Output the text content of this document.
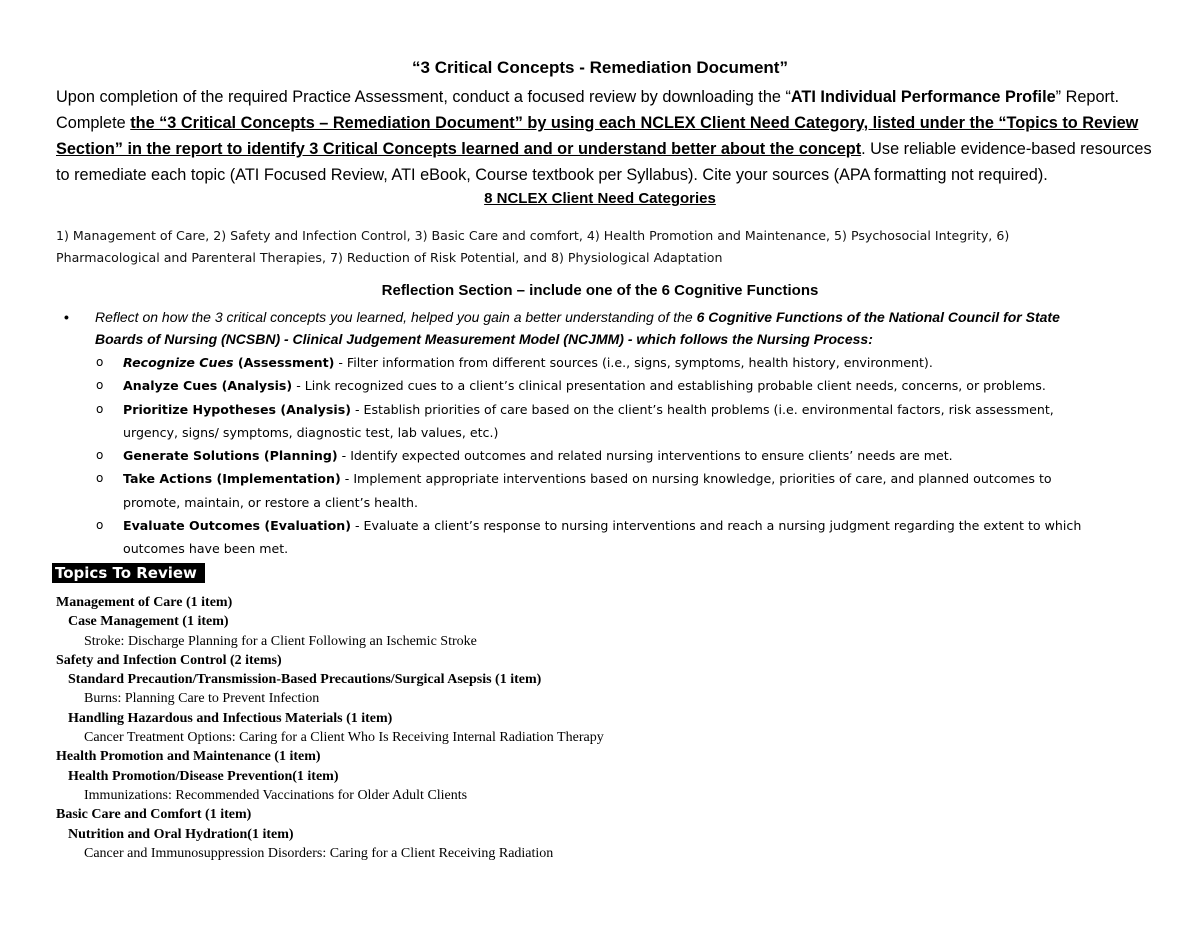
“3 Critical Concepts - Remediation Document”
Upon completion of the required Practice Assessment, conduct a focused review by downloading the “ATI Individual Performance Profile” Report.
Complete the “3 Critical Concepts – Remediation Document” by using each NCLEX Client Need Category, listed under the “Topics to Review
Section” in the report to identify 3 Critical Concepts learned and or understand better about the concept. Use reliable evidence-based resources
to remediate each topic (ATI Focused Review, ATI eBook, Course textbook per Syllabus). Cite your sources (APA formatting not required).
8 NCLEX Client Need Categories
1) Management of Care, 2) Safety and Infection Control, 3) Basic Care and comfort, 4) Health Promotion and Maintenance, 5) Psychosocial Integrity, 6)
Pharmacological and Parenteral Therapies, 7) Reduction of Risk Potential, and 8) Physiological Adaptation
Reflection Section – include one of the 6 Cognitive Functions
• Reflect on how the 3 critical concepts you learned, helped you gain a better understanding of the 6 Cognitive Functions of the National Council for State
Boards of Nursing (NCSBN) - Clinical Judgement Measurement Model (NCJMM) - which follows the Nursing Process:
o Recognize Cues (Assessment) - Filter information from different sources (i.e., signs, symptoms, health history, environment).
o Analyze Cues (Analysis) - Link recognized cues to a client’s clinical presentation and establishing probable client needs, concerns, or problems.
o Prioritize Hypotheses (Analysis) - Establish priorities of care based on the client’s health problems (i.e. environmental factors, risk assessment,
urgency, signs/ symptoms, diagnostic test, lab values, etc.)
o Generate Solutions (Planning) - Identify expected outcomes and related nursing interventions to ensure clients’ needs are met.
o Take Actions (Implementation) - Implement appropriate interventions based on nursing knowledge, priorities of care, and planned outcomes to
promote, maintain, or restore a client’s health.
o Evaluate Outcomes (Evaluation) - Evaluate a client’s response to nursing interventions and reach a nursing judgment regarding the extent to which
outcomes have been met.
Topics To Review
Management of Care (1 item)
Case Management (1 item)
Stroke: Discharge Planning for a Client Following an Ischemic Stroke
Safety and Infection Control (2 items)
Standard Precaution/Transmission-Based Precautions/Surgical Asepsis (1 item)
Burns: Planning Care to Prevent Infection
Handling Hazardous and Infectious Materials (1 item)
Cancer Treatment Options: Caring for a Client Who Is Receiving Internal Radiation Therapy
Health Promotion and Maintenance (1 item)
Health Promotion/Disease Prevention(1 item)
Immunizations: Recommended Vaccinations for Older Adult Clients
Basic Care and Comfort (1 item)
Nutrition and Oral Hydration(1 item)
Cancer and Immunosuppression Disorders: Caring for a Client Receiving Radiation
